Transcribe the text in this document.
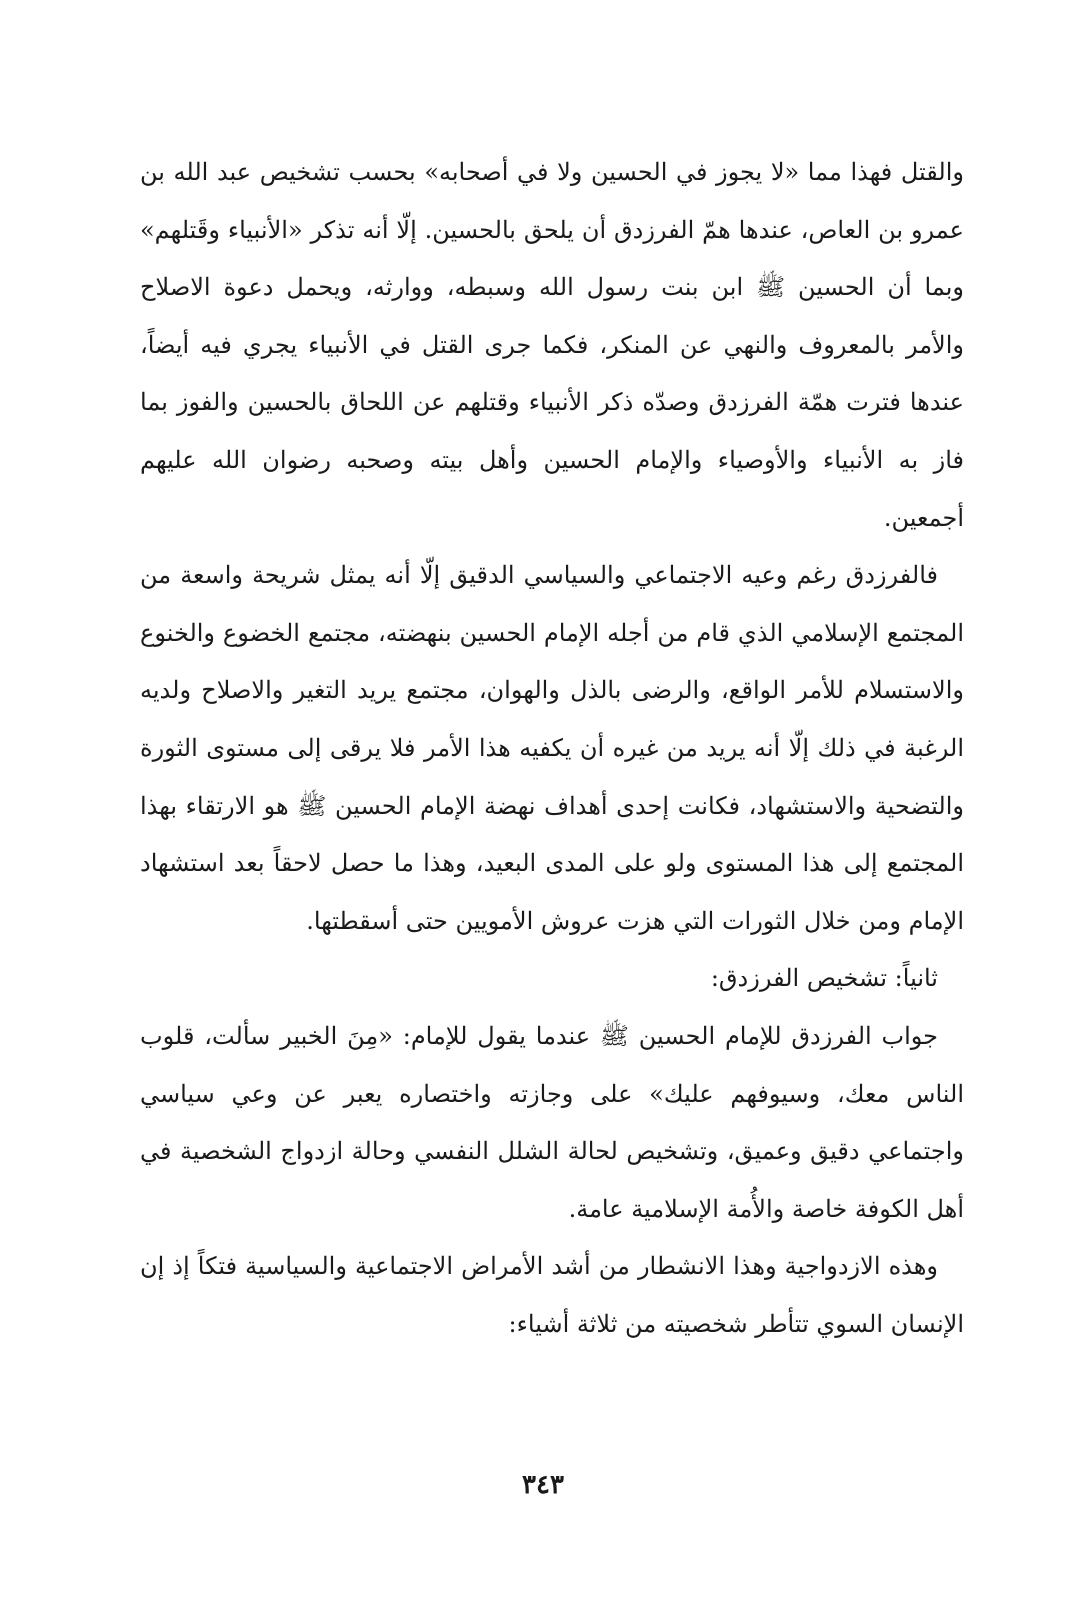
والقتل فهذا مما «لا يجوز في الحسين ولا في أصحابه» بحسب تشخيص عبد الله بن عمرو بن العاص، عندها همّ الفرزدق أن يلحق بالحسين. إلّا أنه تذكر «الأنبياء وقَتلهم» وبما أن الحسين ﷺ ابن بنت رسول الله وسبطه، ووارثه، ويحمل دعوة الاصلاح والأمر بالمعروف والنهي عن المنكر، فكما جرى القتل في الأنبياء يجري فيه أيضاً، عندها فترت همّة الفرزدق وصدّه ذكر الأنبياء وقتلهم عن اللحاق بالحسين والفوز بما فاز به الأنبياء والأوصياء والإمام الحسين وأهل بيته وصحبه رضوان الله عليهم أجمعين.

فالفرزدق رغم وعيه الاجتماعي والسياسي الدقيق إلّا أنه يمثل شريحة واسعة من المجتمع الإسلامي الذي قام من أجله الإمام الحسين بنهضته، مجتمع الخضوع والخنوع والاستسلام للأمر الواقع، والرضى بالذل والهوان، مجتمع يريد التغير والاصلاح ولديه الرغبة في ذلك إلّا أنه يريد من غيره أن يكفيه هذا الأمر فلا يرقى إلى مستوى الثورة والتضحية والاستشهاد، فكانت إحدى أهداف نهضة الإمام الحسين ﷺ هو الارتقاء بهذا المجتمع إلى هذا المستوى ولو على المدى البعيد، وهذا ما حصل لاحقاً بعد استشهاد الإمام ومن خلال الثورات التي هزت عروش الأمويين حتى أسقطتها.

ثانياً: تشخيص الفرزدق:

جواب الفرزدق للإمام الحسين ﷺ عندما يقول للإمام: «مِنَ الخبير سألت، قلوب الناس معك، وسيوفهم عليك» على وجازته واختصاره يعبر عن وعي سياسي واجتماعي دقيق وعميق، وتشخيص لحالة الشلل النفسي وحالة ازدواج الشخصية في أهل الكوفة خاصة والأُمة الإسلامية عامة.

وهذه الازدواجية وهذا الانشطار من أشد الأمراض الاجتماعية والسياسية فتكاً إذ إن الإنسان السوي تتأطر شخصيته من ثلاثة أشياء:

٣٤٣
